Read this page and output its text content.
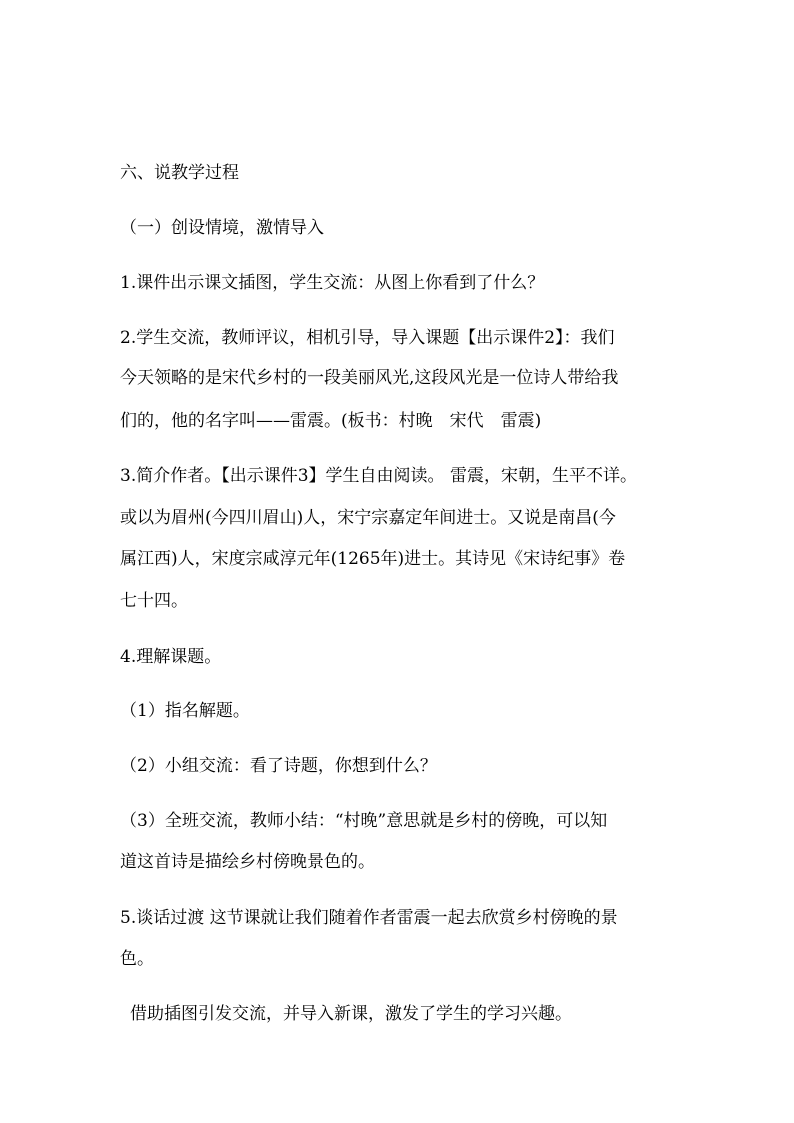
六、说教学过程

（一）创设情境，激情导入

1.课件出示课文插图，学生交流：从图上你看到了什么？

2.学生交流，教师评议，相机引导，导入课题【出示课件2】：我们

今天领略的是宋代乡村的一段美丽风光,这段风光是一位诗人带给我

们的，他的名字叫——雷震。(板书：村晚　宋代　雷震)

3.简介作者。【出示课件3】学生自由阅读。 雷震，宋朝，生平不详。

或以为眉州(今四川眉山)人，宋宁宗嘉定年间进士。又说是南昌(今

属江西)人，宋度宗咸淳元年(1265年)进士。其诗见《宋诗纪事》卷

七十四。

4.理解课题。

（1）指名解题。

（2）小组交流：看了诗题，你想到什么？

（3）全班交流，教师小结：“村晚”意思就是乡村的傍晚，可以知

道这首诗是描绘乡村傍晚景色的。

5.谈话过渡 这节课就让我们随着作者雷震一起去欣赏乡村傍晚的景

色。

借助插图引发交流，并导入新课，激发了学生的学习兴趣。
